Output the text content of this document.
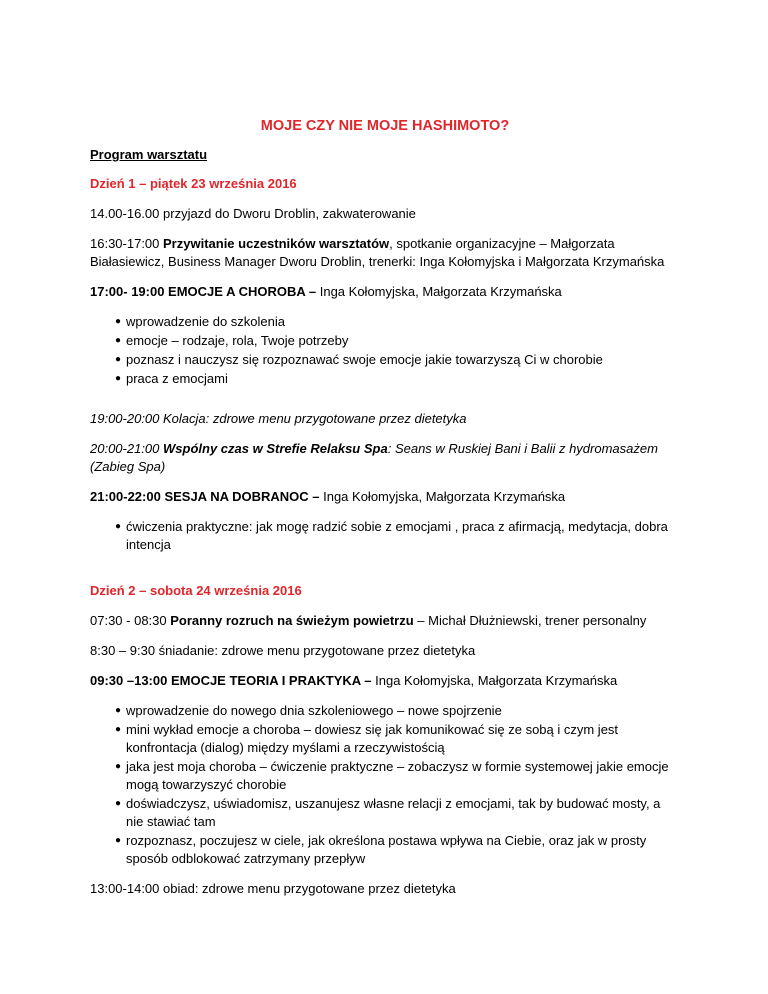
MOJE CZY NIE MOJE HASHIMOTO?

Program warsztatu

Dzień 1 – piątek 23 września 2016

14.00-16.00 przyjazd do Dworu Droblin, zakwaterowanie

16:30-17:00 Przywitanie uczestników warsztatów, spotkanie organizacyjne – Małgorzata Białasiewicz, Business Manager Dworu Droblin, trenerki: Inga Kołomyjska i Małgorzata Krzymańska

17:00- 19:00 EMOCJE A CHOROBA – Inga Kołomyjska, Małgorzata Krzymańska

● wprowadzenie do szkolenia
● emocje – rodzaje, rola, Twoje potrzeby
● poznasz i nauczysz się rozpoznawać swoje emocje jakie towarzyszą Ci w chorobie
● praca z emocjami

19:00-20:00 Kolacja: zdrowe menu przygotowane przez dietetyka

20:00-21:00 Wspólny czas w Strefie Relaksu Spa: Seans w Ruskiej Bani i Balii z hydromasażem (Zabieg Spa)

21:00-22:00 SESJA NA DOBRANOC – Inga Kołomyjska, Małgorzata Krzymańska

● ćwiczenia praktyczne: jak mogę radzić sobie z emocjami , praca z afirmacją, medytacja, dobra intencja

Dzień 2 – sobota 24 września 2016

07:30 - 08:30 Poranny rozruch na świeżym powietrzu – Michał Dłużniewski, trener personalny

8:30 – 9:30 śniadanie: zdrowe menu przygotowane przez dietetyka

09:30 –13:00 EMOCJE TEORIA I PRAKTYKA – Inga Kołomyjska, Małgorzata Krzymańska

● wprowadzenie do nowego dnia szkoleniowego – nowe spojrzenie
● mini wykład emocje a choroba – dowiesz się jak komunikować się ze sobą i czym jest konfrontacja (dialog) między myślami a rzeczywistością
● jaka jest moja choroba – ćwiczenie praktyczne – zobaczysz w formie systemowej jakie emocje mogą towarzyszyć chorobie
● doświadczysz, uświadomisz, uszanujesz własne relacji z emocjami, tak by budować mosty, a nie stawiać tam
● rozpoznasz, poczujesz w ciele, jak określona postawa wpływa na Ciebie, oraz jak w prosty sposób odblokować zatrzymany przepływ

13:00-14:00 obiad: zdrowe menu przygotowane przez dietetyka
